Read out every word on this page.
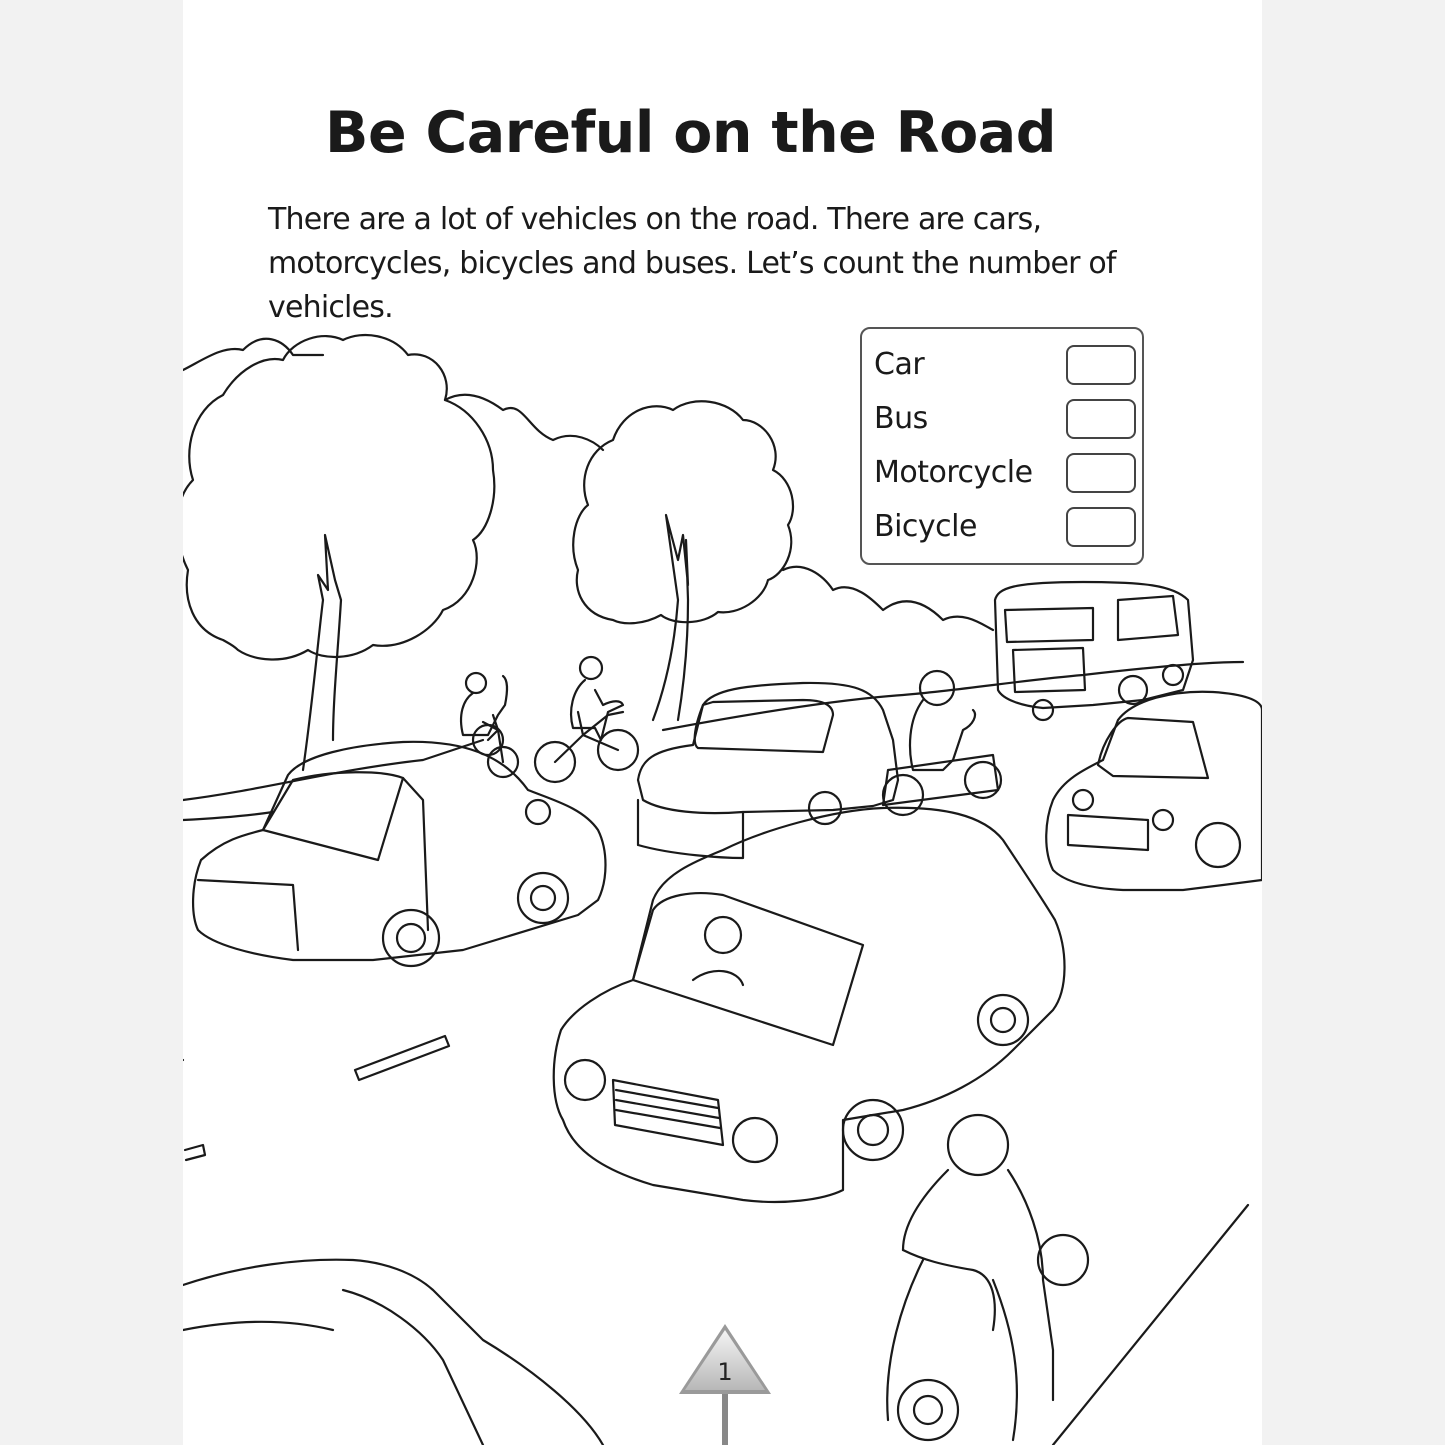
Be Careful on the Road

There are a lot of vehicles on the road. There are cars,
motorcycles, bicycles and buses. Let’s count the number of
vehicles.

Car
Bus
Motorcycle
Bicycle
1
